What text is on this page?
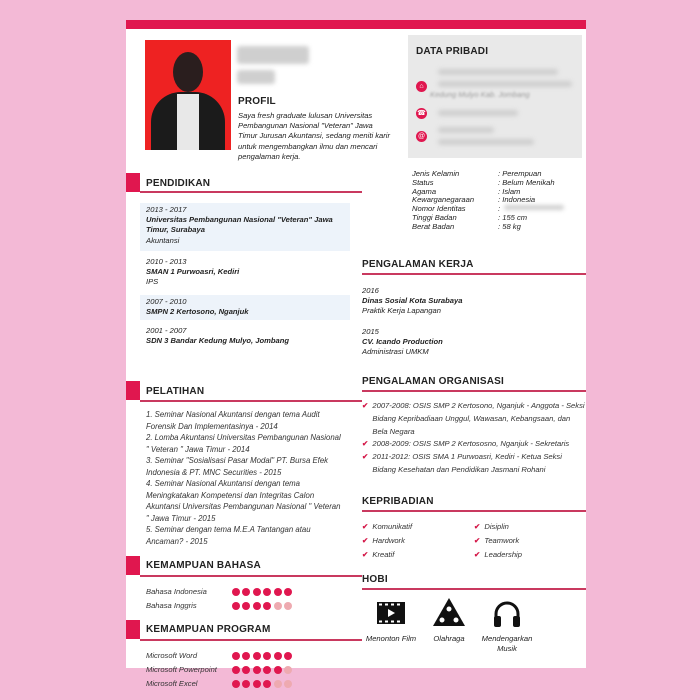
PROFIL
Saya fresh graduate lulusan Universitas Pembangunan Nasional "Veteran" Jawa Timur Jurusan Akuntansi, sedang meniti karir untuk mengembangkan ilmu dan mencari pengalaman kerja.
DATA PRIBADI
⌂
Kedung Mulyo Kab. Jombang
☎
@
Jenis Kelamin	: Perempuan
Status	: Belum Menikah
Agama	: Islam
Kewarganegaraan	: Indonesia
Nomor Identitas	:
Tinggi Badan	: 155 cm
Berat Badan	: 58 kg
PENDIDIKAN
2013 - 2017
Universitas Pembangunan Nasional "Veteran" Jawa Timur, Surabaya
Akuntansi
2010 - 2013
SMAN 1 Purwoasri, Kediri
IPS
2007 - 2010
SMPN 2 Kertosono, Nganjuk
2001 - 2007
SDN 3 Bandar Kedung Mulyo, Jombang
PELATIHAN
1. Seminar Nasional Akuntansi dengan tema Audit Forensik Dan Implementasinya - 2014
2. Lomba Akuntansi Universitas Pembangunan Nasional " Veteran " Jawa Timur - 2014
3. Seminar "Sosialisasi Pasar Modal" PT. Bursa Efek Indonesia & PT. MNC Securities - 2015
4. Seminar Nasional Akuntansi dengan tema Meningkatakan Kompetensi dan Integritas Calon Akuntansi Universitas Pembangunan Nasional " Veteran " Jawa Timur - 2015
5. Seminar dengan tema M.E.A Tantangan atau Ancaman? - 2015
KEMAMPUAN BAHASA
Bahasa Indonesia
Bahasa Inggris
KEMAMPUAN PROGRAM
Microsoft Word
Microsoft Powerpoint
Microsoft Excel
PENGALAMAN KERJA
2016
Dinas Sosial Kota Surabaya
Praktik Kerja Lapangan
2015
CV. Icando Production
Administrasi UMKM
PENGALAMAN ORGANISASI
✔ 2007-2008: OSIS SMP 2 Kertosono, Nganjuk - Anggota - Seksi Bidang Kepribadiaan Unggul, Wawasan, Kebangsaan, dan Bela Negara
✔ 2008-2009: OSIS SMP 2 Kertososno, Nganjuk - Sekretaris
✔ 2011-2012: OSIS SMA 1 Purwoasri, Kediri - Ketua Seksi Bidang Kesehatan dan Pendidikan Jasmani Rohani
KEPRIBADIAN
✔ Komunikatif
✔ Hardwork
✔ Kreatif
✔ Disiplin
✔ Teamwork
✔ Leadership
HOBI
Menonton Film	Olahraga	Mendengarkan Musik
